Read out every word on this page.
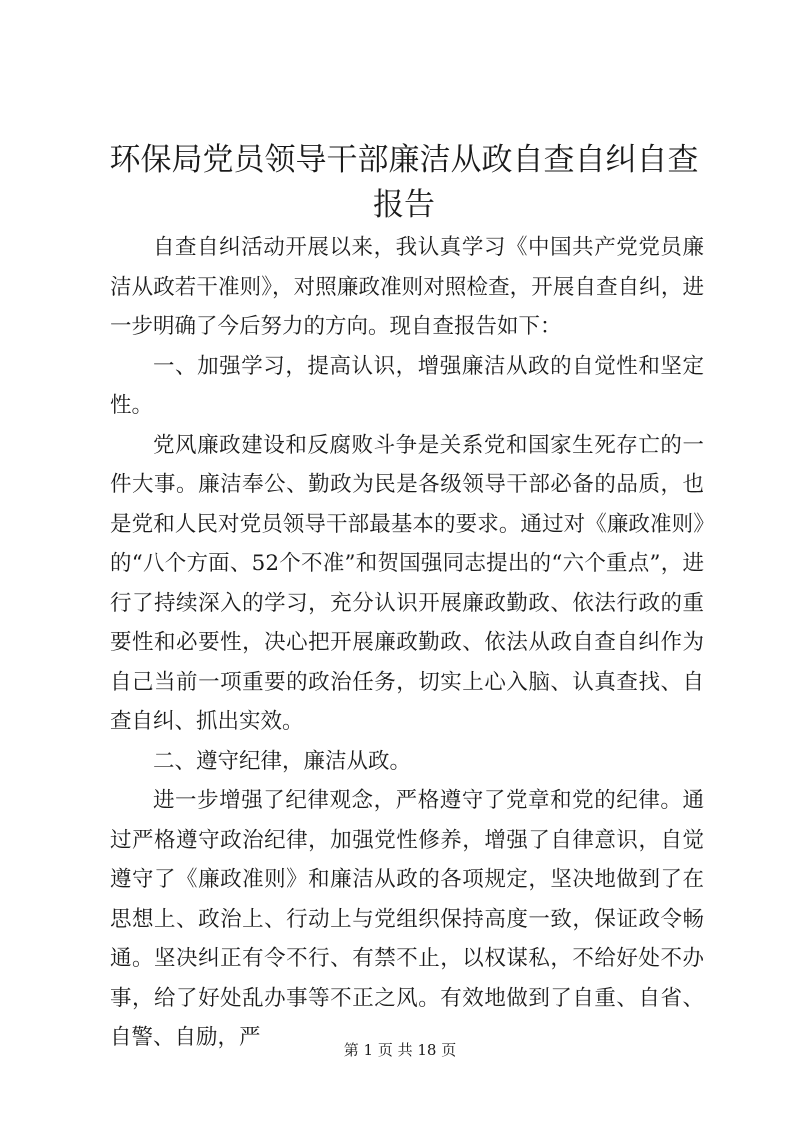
环保局党员领导干部廉洁从政自查自纠自查报告

自查自纠活动开展以来，我认真学习《中国共产党党员廉洁从政若干准则》，对照廉政准则对照检查，开展自查自纠，进一步明确了今后努力的方向。现自查报告如下：

一、加强学习，提高认识，增强廉洁从政的自觉性和坚定性。

党风廉政建设和反腐败斗争是关系党和国家生死存亡的一件大事。廉洁奉公、勤政为民是各级领导干部必备的品质，也是党和人民对党员领导干部最基本的要求。通过对《廉政准则》的“八个方面、52个不准”和贺国强同志提出的“六个重点”，进行了持续深入的学习，充分认识开展廉政勤政、依法行政的重要性和必要性，决心把开展廉政勤政、依法从政自查自纠作为自己当前一项重要的政治任务，切实上心入脑、认真查找、自查自纠、抓出实效。

二、遵守纪律，廉洁从政。

进一步增强了纪律观念，严格遵守了党章和党的纪律。通过严格遵守政治纪律，加强党性修养，增强了自律意识，自觉遵守了《廉政准则》和廉洁从政的各项规定，坚决地做到了在思想上、政治上、行动上与党组织保持高度一致，保证政令畅通。坚决纠正有令不行、有禁不止，以权谋私，不给好处不办事，给了好处乱办事等不正之风。有效地做到了自重、自省、自警、自励，严	第 1 页 共 18 页
